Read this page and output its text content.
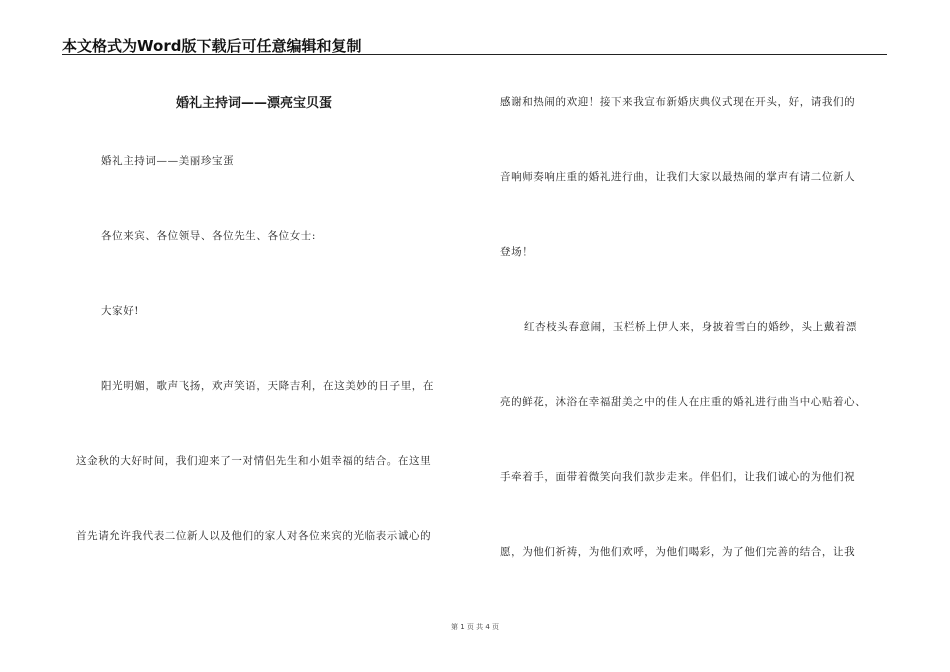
本文格式为Word版下载后可任意编辑和复制
婚礼主持词——漂亮宝贝蛋
婚礼主持词——美丽珍宝蛋
各位来宾、各位领导、各位先生、各位女士:
大家好!
阳光明媚，歌声飞扬，欢声笑语，天降吉利，在这美妙的日子里，在
这金秋的大好时间，我们迎来了一对情侣先生和小姐幸福的结合。在这里
首先请允许我代表二位新人以及他们的家人对各位来宾的光临表示诚心的
感谢和热闹的欢迎！接下来我宣布新婚庆典仪式现在开头，好，请我们的
音响师奏响庄重的婚礼进行曲，让我们大家以最热闹的掌声有请二位新人
登场！
红杏枝头春意闹，玉栏桥上伊人来，身披着雪白的婚纱，头上戴着漂
亮的鲜花，沐浴在幸福甜美之中的佳人在庄重的婚礼进行曲当中心贴着心、
手牵着手，面带着微笑向我们款步走来。伴侣们，让我们诚心的为他们祝
愿，为他们祈祷，为他们欢呼，为他们喝彩，为了他们完善的结合，让我
第 1 页 共 4 页
